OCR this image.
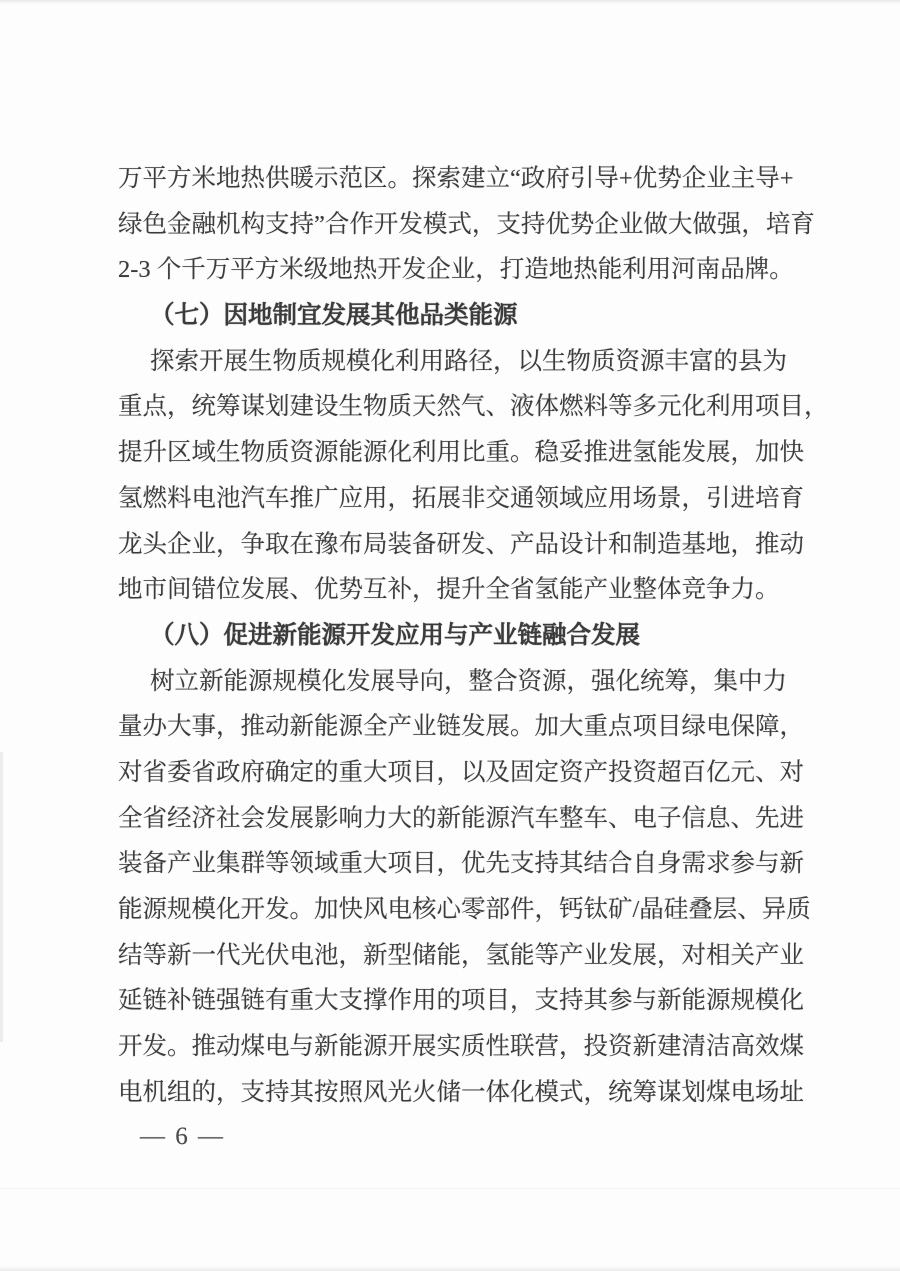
万平方米地热供暖示范区。探索建立“政府引导+优势企业主导+
绿色金融机构支持”合作开发模式，支持优势企业做大做强，培育
2-3 个千万平方米级地热开发企业，打造地热能利用河南品牌。
（七）因地制宜发展其他品类能源
探索开展生物质规模化利用路径，以生物质资源丰富的县为
重点，统筹谋划建设生物质天然气、液体燃料等多元化利用项目，
提升区域生物质资源能源化利用比重。稳妥推进氢能发展，加快
氢燃料电池汽车推广应用，拓展非交通领域应用场景，引进培育
龙头企业，争取在豫布局装备研发、产品设计和制造基地，推动
地市间错位发展、优势互补，提升全省氢能产业整体竞争力。
（八）促进新能源开发应用与产业链融合发展
树立新能源规模化发展导向，整合资源，强化统筹，集中力
量办大事，推动新能源全产业链发展。加大重点项目绿电保障，
对省委省政府确定的重大项目，以及固定资产投资超百亿元、对
全省经济社会发展影响力大的新能源汽车整车、电子信息、先进
装备产业集群等领域重大项目，优先支持其结合自身需求参与新
能源规模化开发。加快风电核心零部件，钙钛矿/晶硅叠层、异质
结等新一代光伏电池，新型储能，氢能等产业发展，对相关产业
延链补链强链有重大支撑作用的项目，支持其参与新能源规模化
开发。推动煤电与新能源开展实质性联营，投资新建清洁高效煤
电机组的，支持其按照风光火储一体化模式，统筹谋划煤电场址
— 6 —
